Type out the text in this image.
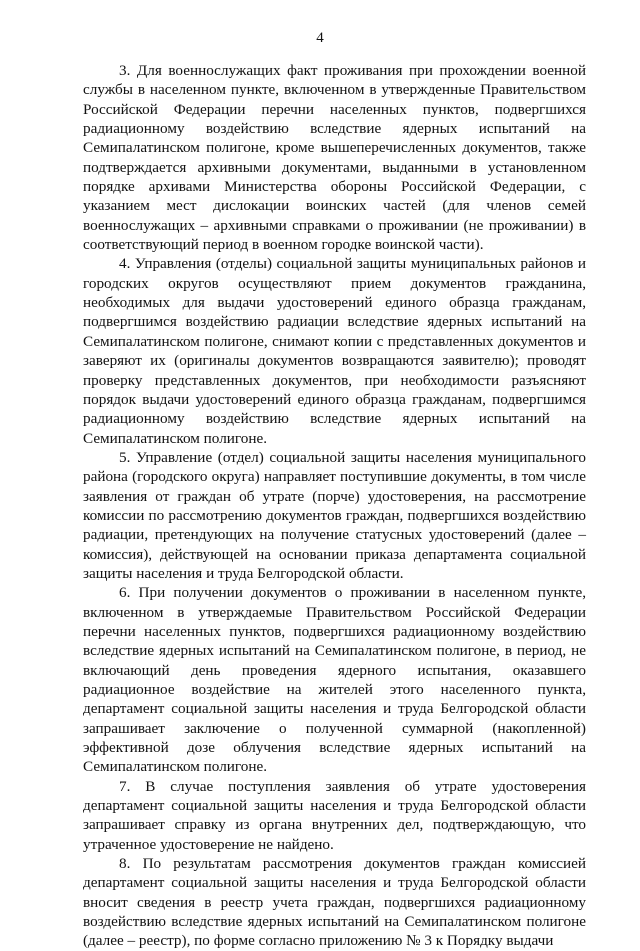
4

3. Для военнослужащих факт проживания при прохождении военной службы в населенном пункте, включенном в утвержденные Правительством Российской Федерации перечни населенных пунктов, подвергшихся радиационному воздействию вследствие ядерных испытаний на Семипалатинском полигоне, кроме вышеперечисленных документов, также подтверждается архивными документами, выданными в установленном порядке архивами Министерства обороны Российской Федерации, с указанием мест дислокации воинских частей (для членов семей военнослужащих – архивными справками о проживании (не проживании) в соответствующий период в военном городке воинской части).

4. Управления (отделы) социальной защиты муниципальных районов и городских округов осуществляют прием документов гражданина, необходимых для выдачи удостоверений единого образца гражданам, подвергшимся воздействию радиации вследствие ядерных испытаний на Семипалатинском полигоне, снимают копии с представленных документов и заверяют их (оригиналы документов возвращаются заявителю); проводят проверку представленных документов, при необходимости разъясняют порядок выдачи удостоверений единого образца гражданам, подвергшимся радиационному воздействию вследствие ядерных испытаний на Семипалатинском полигоне.

5. Управление (отдел) социальной защиты населения муниципального района (городского округа) направляет поступившие документы, в том числе заявления от граждан об утрате (порче) удостоверения, на рассмотрение комиссии по рассмотрению документов граждан, подвергшихся воздействию радиации, претендующих на получение статусных удостоверений (далее – комиссия), действующей на основании приказа департамента социальной защиты населения и труда Белгородской области.

6. При получении документов о проживании в населенном пункте, включенном в утверждаемые Правительством Российской Федерации перечни населенных пунктов, подвергшихся радиационному воздействию вследствие ядерных испытаний на Семипалатинском полигоне, в период, не включающий день проведения ядерного испытания, оказавшего радиационное воздействие на жителей этого населенного пункта, департамент социальной защиты населения и труда Белгородской области запрашивает заключение о полученной суммарной (накопленной) эффективной дозе облучения вследствие ядерных испытаний на Семипалатинском полигоне.

7. В случае поступления заявления об утрате удостоверения департамент социальной защиты населения и труда Белгородской области запрашивает справку из органа внутренних дел, подтверждающую, что утраченное удостоверение не найдено.

8. По результатам рассмотрения документов граждан комиссией департамент социальной защиты населения и труда Белгородской области вносит сведения в реестр учета граждан, подвергшихся радиационному воздействию вследствие ядерных испытаний на Семипалатинском полигоне (далее – реестр), по форме согласно приложению № 3 к Порядку выдачи
